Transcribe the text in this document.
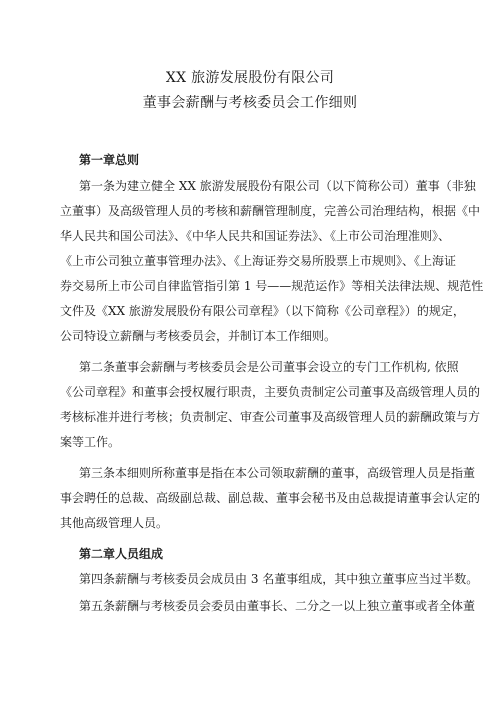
XX 旅游发展股份有限公司
董事会薪酬与考核委员会工作细则
第一章总则
第一条为建立健全 XX 旅游发展股份有限公司（以下简称公司）董事（非独
立董事）及高级管理人员的考核和薪酬管理制度，完善公司治理结构，根据《中
华人民共和国公司法》、《中华人民共和国证券法》、《上市公司治理准则》、
《上市公司独立董事管理办法》、《上海证券交易所股票上市规则》、《上海证
券交易所上市公司自律监管指引第 1 号——规范运作》等相关法律法规、规范性
文件及《XX 旅游发展股份有限公司章程》（以下简称《公司章程》）的规定，
公司特设立薪酬与考核委员会，并制订本工作细则。
第二条董事会薪酬与考核委员会是公司董事会设立的专门工作机构, 依照
《公司章程》和董事会授权履行职责，主要负责制定公司董事及高级管理人员的
考核标准并进行考核；负责制定、审查公司董事及高级管理人员的薪酬政策与方
案等工作。
第三条本细则所称董事是指在本公司领取薪酬的董事，高级管理人员是指董
事会聘任的总裁、高级副总裁、副总裁、董事会秘书及由总裁提请董事会认定的
其他高级管理人员。
第二章人员组成
第四条薪酬与考核委员会成员由 3 名董事组成，其中独立董事应当过半数。
第五条薪酬与考核委员会委员由董事长、二分之一以上独立董事或者全体董
